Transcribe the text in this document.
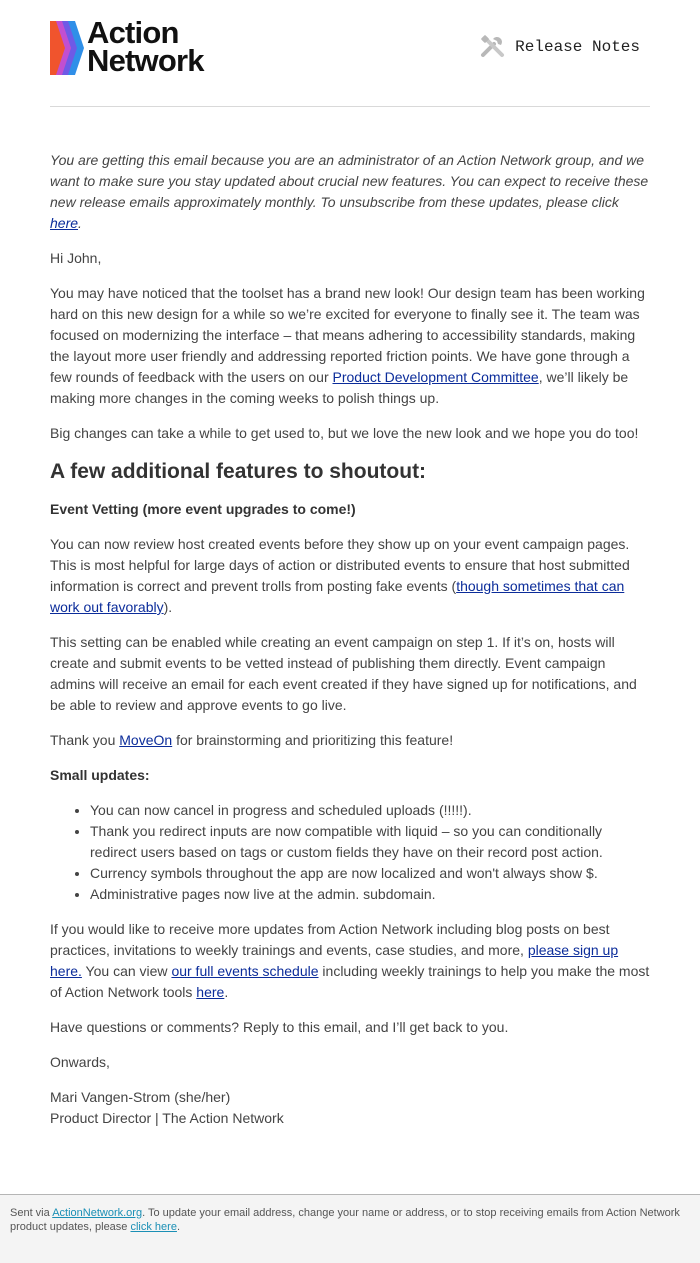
Action
Network	Release Notes

You are getting this email because you are an administrator of an Action Network group, and we want to make sure you stay updated about crucial new features. You can expect to receive these new release emails approximately monthly. To unsubscribe from these updates, please click here.

Hi John,

You may have noticed that the toolset has a brand new look! Our design team has been working hard on this new design for a while so we’re excited for everyone to finally see it. The team was focused on modernizing the interface – that means adhering to accessibility standards, making the layout more user friendly and addressing reported friction points. We have gone through a few rounds of feedback with the users on our Product Development Committee, we’ll likely be making more changes in the coming weeks to polish things up.

Big changes can take a while to get used to, but we love the new look and we hope you do too!

A few additional features to shoutout:

Event Vetting (more event upgrades to come!)

You can now review host created events before they show up on your event campaign pages. This is most helpful for large days of action or distributed events to ensure that host submitted information is correct and prevent trolls from posting fake events (though sometimes that can work out favorably).

This setting can be enabled while creating an event campaign on step 1. If it’s on, hosts will create and submit events to be vetted instead of publishing them directly. Event campaign admins will receive an email for each event created if they have signed up for notifications, and be able to review and approve events to go live.

Thank you MoveOn for brainstorming and prioritizing this feature!

Small updates:

• You can now cancel in progress and scheduled uploads (!!!!!).
• Thank you redirect inputs are now compatible with liquid – so you can conditionally redirect users based on tags or custom fields they have on their record post action.
• Currency symbols throughout the app are now localized and won't always show $.
• Administrative pages now live at the admin. subdomain.

If you would like to receive more updates from Action Network including blog posts on best practices, invitations to weekly trainings and events, case studies, and more, please sign up here. You can view our full events schedule including weekly trainings to help you make the most of Action Network tools here.

Have questions or comments? Reply to this email, and I’ll get back to you.

Onwards,

Mari Vangen-Strom (she/her)
Product Director | The Action Network

Sent via ActionNetwork.org. To update your email address, change your name or address, or to stop receiving emails from Action Network product updates, please click here.
